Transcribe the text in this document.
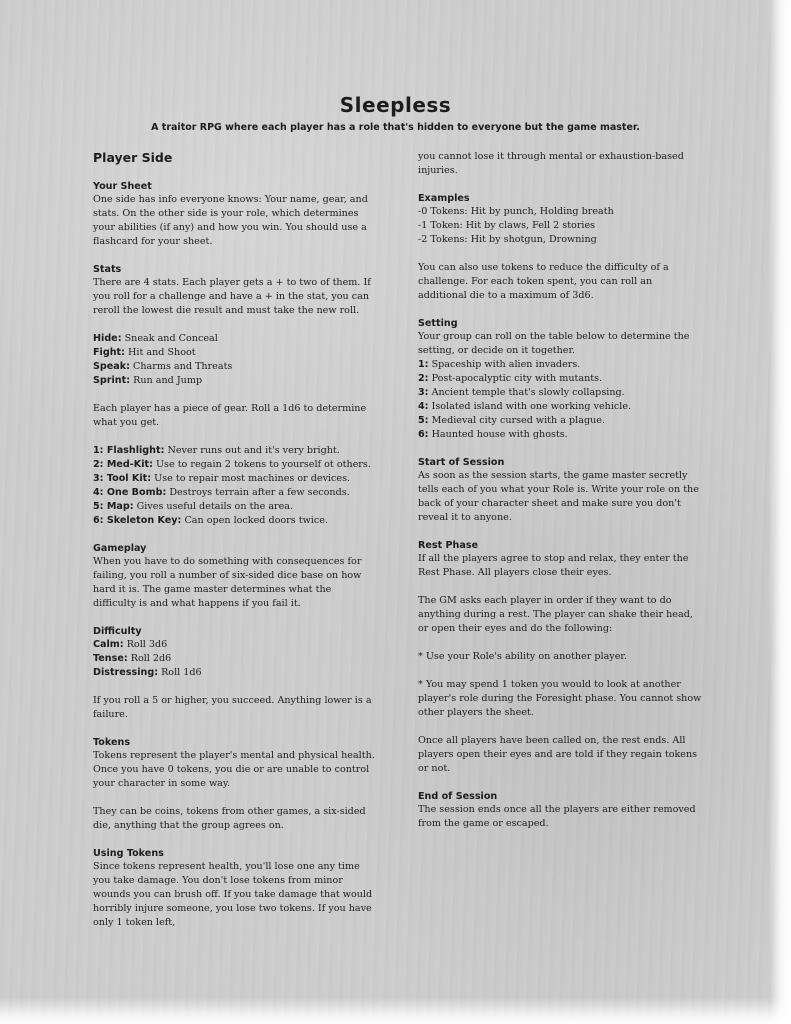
Sleepless
A traitor RPG where each player has a role that's hidden to everyone but the game master.
Player Side
Your Sheet

One side has info everyone knows: Your name, gear, and stats. On the other side is your role, which determines your abilities (if any) and how you win. You should use a flashcard for your sheet.

Stats

There are 4 stats. Each player gets a + to two of them. If you roll for a challenge and have a + in the stat, you can reroll the lowest die result and must take the new roll.

Hide: Sneak and Conceal
Fight: Hit and Shoot
Speak: Charms and Threats
Sprint: Run and Jump

Each player has a piece of gear. Roll a 1d6 to determine what you get.

1: Flashlight: Never runs out and it's very bright.
2: Med-Kit: Use to regain 2 tokens to yourself ot others.
3: Tool Kit: Use to repair most machines or devices.
4: One Bomb: Destroys terrain after a few seconds.
5: Map: Gives useful details on the area.
6: Skeleton Key: Can open locked doors twice.
Gameplay

When you have to do something with consequences for failing, you roll a number of six-sided dice base on how hard it is. The game master determines what the difficulty is and what happens if you fail it.

Difficulty
Calm: Roll 3d6
Tense: Roll 2d6
Distressing: Roll 1d6

If you roll a 5 or higher, you succeed. Anything lower is a failure.

Tokens

Tokens represent the player's mental and physical health. Once you have 0 tokens, you die or are unable to control your character in some way.

They can be coins, tokens from other games, a six-sided die, anything that the group agrees on.

Using Tokens

Since tokens represent health, you'll lose one any time you take damage. You don't lose tokens from minor wounds you can brush off. If you take damage that would horribly injure someone, you lose two tokens. If you have only 1 token left,

you cannot lose it through mental or exhaustion-based injuries.

Examples

-0 Tokens: Hit by punch, Holding breath

-1 Token: Hit by claws, Fell 2 stories

-2 Tokens: Hit by shotgun, Drowning

You can also use tokens to reduce the difficulty of a challenge. For each token spent, you can roll an additional die to a maximum of 3d6.

Setting

Your group can roll on the table below to determine the setting, or decide on it together.

1: Spaceship with alien invaders.
2: Post-apocalyptic city with mutants.
3: Ancient temple that's slowly collapsing.
4: Isolated island with one working vehicle.
5: Medieval city cursed with a plague.
6: Haunted house with ghosts.
Start of Session

As soon as the session starts, the game master secretly tells each of you what your Role is. Write your role on the back of your character sheet and make sure you don't reveal it to anyone.

Rest Phase

If all the players agree to stop and relax, they enter the Rest Phase. All players close their eyes.

The GM asks each player in order if they want to do anything during a rest. The player can shake their head, or open their eyes and do the following:

* Use your Role's ability on another player.

* You may spend 1 token you would to look at another player's role during the Foresight phase. You cannot show other players the sheet.

Once all players have been called on, the rest ends. All players open their eyes and are told if they regain tokens or not.

End of Session

The session ends once all the players are either removed from the game or escaped.
